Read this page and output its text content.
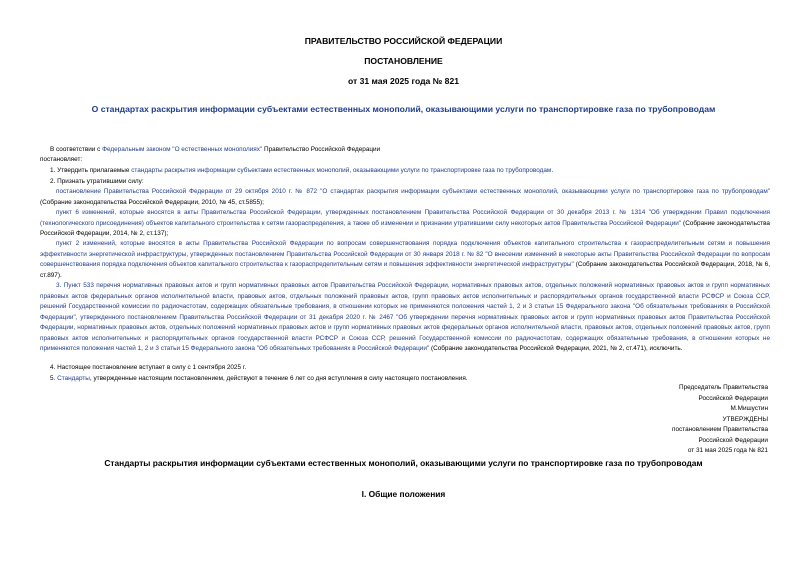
ПРАВИТЕЛЬСТВО РОССИЙСКОЙ ФЕДЕРАЦИИ
ПОСТАНОВЛЕНИЕ
от 31 мая 2025 года № 821
О стандартах раскрытия информации субъектами естественных монополий, оказывающими услуги по транспортировке газа по трубопроводам
В соответствии с Федеральным законом "О естественных монополиях" Правительство Российской Федерации
постановляет:
1. Утвердить прилагаемые стандарты раскрытия информации субъектами естественных монополий, оказывающими услуги по транспортировке газа по трубопроводам.
2. Признать утратившими силу:
постановление Правительства Российской Федерации от 29 октября 2010 г. № 872 "О стандартах раскрытия информации субъектами естественных монополий, оказывающими услуги по транспортировке газа по трубопроводам" (Собрание законодательства Российской Федерации, 2010, № 45, ст.5855);
пункт 6 изменений, которые вносятся в акты Правительства Российской Федерации, утвержденных постановлением Правительства Российской Федерации от 30 декабря 2013 г. № 1314 "Об утверждении Правил подключения (технологического присоединения) объектов капитального строительства к сетям газораспределения, а также об изменении и признании утратившими силу некоторых актов Правительства Российской Федерации" (Собрание законодательства Российской Федерации, 2014, № 2, ст.137);
пункт 2 изменений, которые вносятся в акты Правительства Российской Федерации по вопросам совершенствования порядка подключения объектов капитального строительства к газораспределительным сетям и повышения эффективности энергетической инфраструктуры, утвержденных постановлением Правительства Российской Федерации от 30 января 2018 г. № 82 "О внесении изменений в некоторые акты Правительства Российской Федерации по вопросам совершенствования порядка подключения объектов капитального строительства к газораспределительным сетям и повышения эффективности энергетической инфраструктуры" (Собрание законодательства Российской Федерации, 2018, № 6, ст.897).
3. Пункт 533 перечня нормативных правовых актов и групп нормативных правовых актов Правительства Российской Федерации, нормативных правовых актов, отдельных положений нормативных правовых актов и групп нормативных правовых актов федеральных органов исполнительной власти, правовых актов, отдельных положений правовых актов, групп правовых актов исполнительных и распорядительных органов государственной власти РСФСР и Союза ССР, решений Государственной комиссии по радиочастотам, содержащих обязательные требования, в отношении которых не применяются положения частей 1, 2 и 3 статьи 15 Федерального закона "Об обязательных требованиях в Российской Федерации", утвержденного постановлением Правительства Российской Федерации от 31 декабря 2020 г. № 2467 "Об утверждении перечня нормативных правовых актов и групп нормативных правовых актов Правительства Российской Федерации, нормативных правовых актов, отдельных положений нормативных правовых актов и групп нормативных правовых актов федеральных органов исполнительной власти, правовых актов, отдельных положений правовых актов, групп правовых актов исполнительных и распорядительных органов государственной власти РСФСР и Союза ССР, решений Государственной комиссии по радиочастотам, содержащих обязательные требования, в отношении которых не применяются положения частей 1, 2 и 3 статьи 15 Федерального закона "Об обязательных требованиях в Российской Федерации" (Собрание законодательства Российской Федерации, 2021, № 2, ст.471), исключить.
4. Настоящее постановление вступает в силу с 1 сентября 2025 г.
5. Стандарты, утвержденные настоящим постановлением, действуют в течение 6 лет со дня вступления в силу настоящего постановления.
Председатель Правительства
Российской Федерации
М.Мишустин
УТВЕРЖДЕНЫ
постановлением Правительства
Российской Федерации
от 31 мая 2025 года № 821
Стандарты раскрытия информации субъектами естественных монополий, оказывающими услуги по транспортировке газа по трубопроводам
I. Общие положения
